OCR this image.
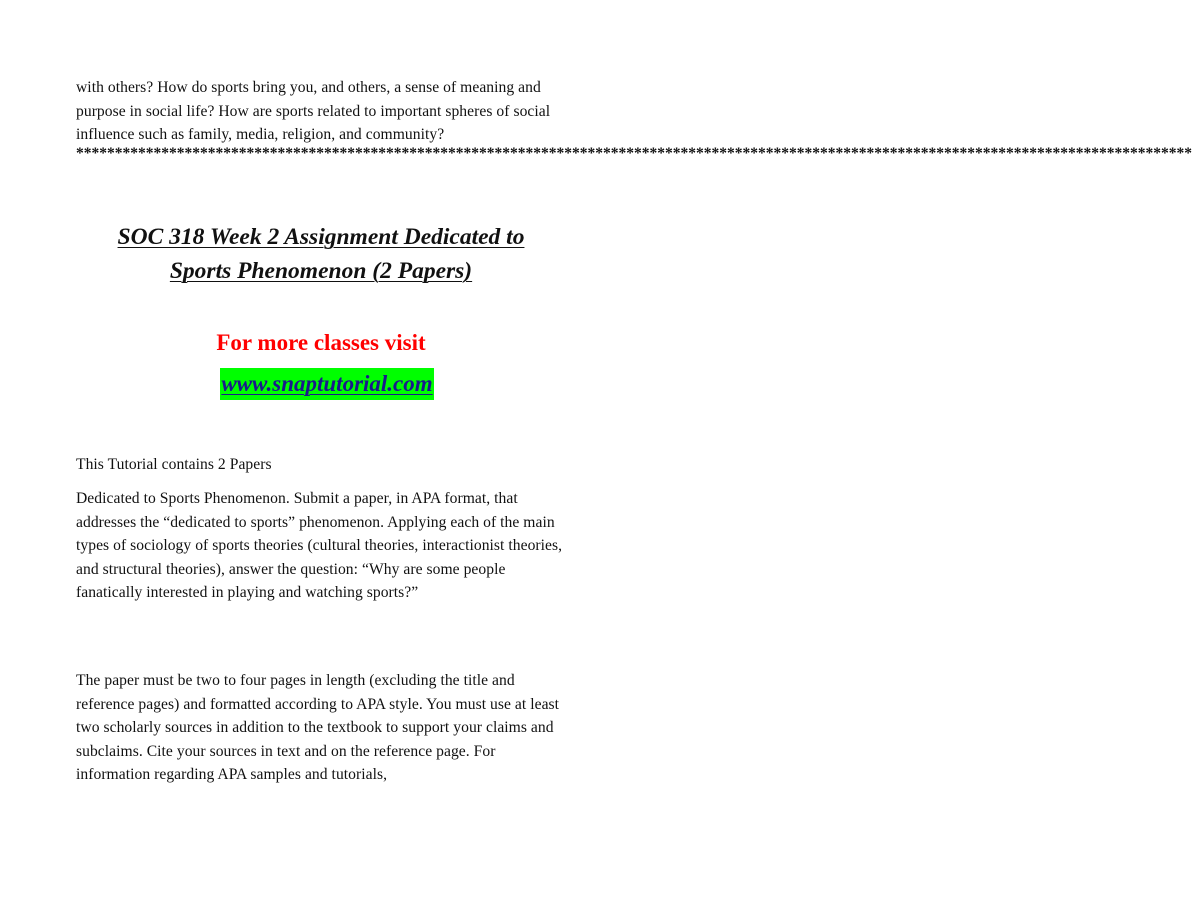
with others? How do sports bring you, and others, a sense of meaning and purpose in social life? How are sports related to important spheres of social influence such as family, media, religion, and community?

************************************************************************************************************************************************
SOC 318 Week 2 Assignment Dedicated to
Sports Phenomenon (2 Papers)

For more classes visit

www.snaptutorial.com

This Tutorial contains 2 Papers

Dedicated to Sports Phenomenon. Submit a paper, in APA format, that addresses the “dedicated to sports” phenomenon. Applying each of the main types of sociology of sports theories (cultural theories, interactionist theories, and structural theories), answer the question: “Why are some people fanatically interested in playing and watching sports?”

The paper must be two to four pages in length (excluding the title and reference pages) and formatted according to APA style. You must use at least two scholarly sources in addition to the textbook to support your claims and subclaims. Cite your sources in text and on the reference page. For information regarding APA samples and tutorials,
